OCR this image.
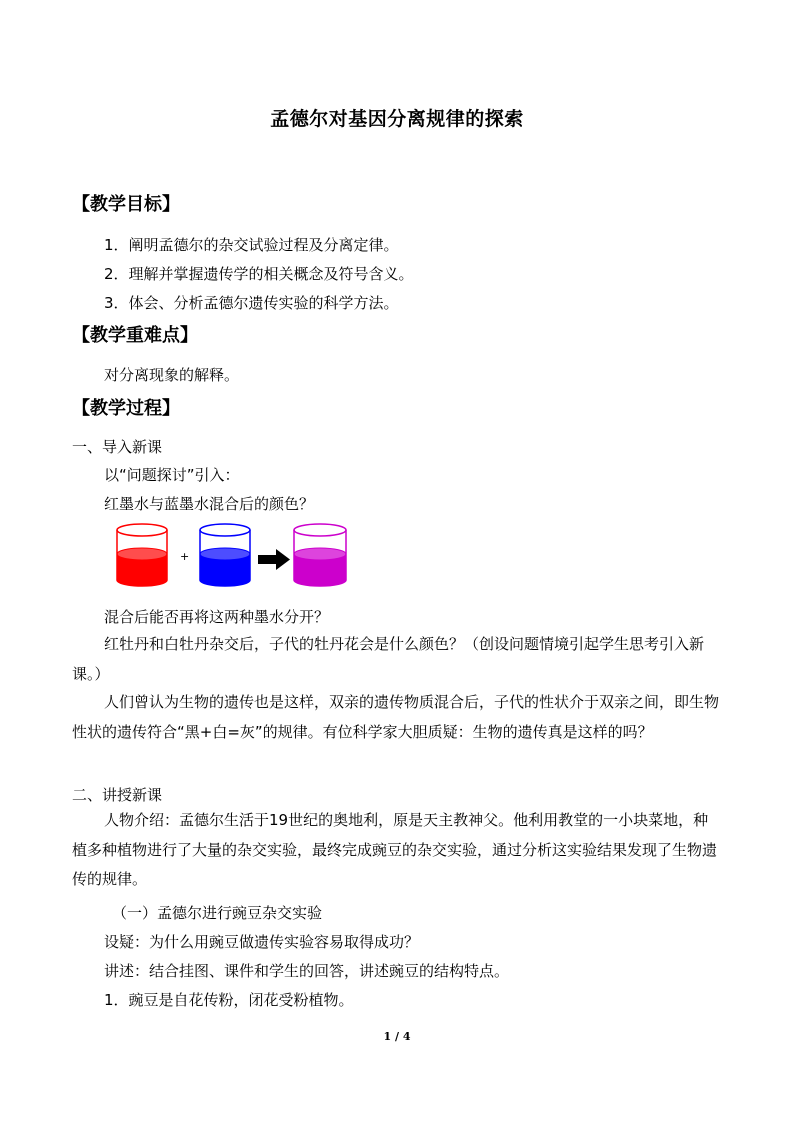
孟德尔对基因分离规律的探索
【教学目标】
1．阐明孟德尔的杂交试验过程及分离定律。
2．理解并掌握遗传学的相关概念及符号含义。
3．体会、分析孟德尔遗传实验的科学方法。
【教学重难点】
对分离现象的解释。
【教学过程】
一、导入新课
以“问题探讨”引入：
红墨水与蓝墨水混合后的颜色？
+
混合后能否再将这两种墨水分开？
红牡丹和白牡丹杂交后，子代的牡丹花会是什么颜色？（创设问题情境引起学生思考引入新课。）
人们曾认为生物的遗传也是这样，双亲的遗传物质混合后，子代的性状介于双亲之间，即生物性状的遗传符合“黑+白=灰”的规律。有位科学家大胆质疑：生物的遗传真是这样的吗？
二、讲授新课
人物介绍：孟德尔生活于19世纪的奥地利，原是天主教神父。他利用教堂的一小块菜地，种植多种植物进行了大量的杂交实验，最终完成豌豆的杂交实验，通过分析这实验结果发现了生物遗传的规律。
（一）孟德尔进行豌豆杂交实验
设疑：为什么用豌豆做遗传实验容易取得成功？
讲述：结合挂图、课件和学生的回答，讲述豌豆的结构特点。
1．豌豆是自花传粉，闭花受粉植物。
1 / 4
